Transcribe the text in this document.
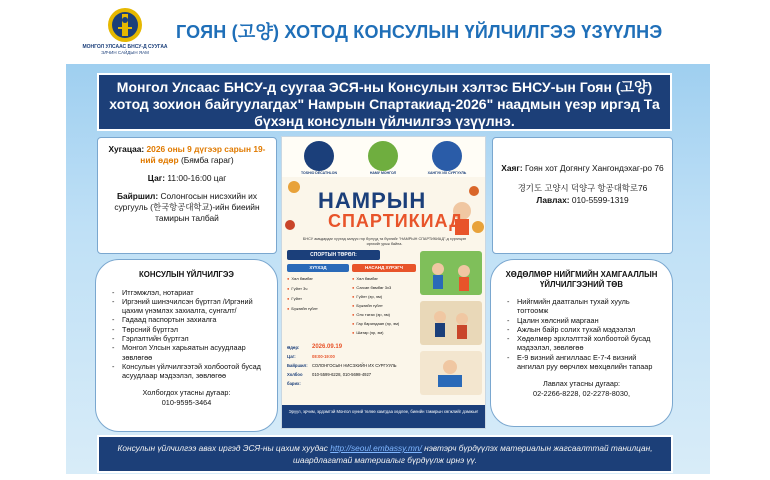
МОНГОЛ УЛСААС БНСУ-Д СУУГАА
ЭЛЧИН САЙДЫН ЯАМ
ГОЯН (고양) ХОТОД КОНСУЛЫН ҮЙЛЧИЛГЭЭ ҮЗҮҮЛНЭ
Монгол Улсаас БНСУ-д суугаа ЭСЯ-ны Консулын хэлтэс БНСУ-ын Гоян (고양) хотод зохион байгуулагдах" Намрын Спартакиад-2026" наадмын үеэр иргэд Та бүхэнд консулын үйлчилгээ үзүүлнэ.

Хугацаа: 2026 оны 9 дүгээр сарын 19-ний өдөр (Бямба гараг)

Цаг: 11:00-16:00 цаг

Байршил: Солонгосын нисэхийн их сургууль (한국항공대학교)-ийн биеийн тамирын талбай

Хаяг: Гоян хот Догянгу Хангондэхаг-ро 76
경기도 고양시 덕양구 항공대학로76
Лавлах: 010-5599-1319
TOSHIO DECATHLON	НАМУ МОНГОЛ	ХАНГУК ИХ СУРГУУЛЬ
НАМРЫН
СПАРТИКИАД
БНСУ амьдардаг хүүхэд залуус гэр бүлүүд та бүхнийг "НАМРЫН СПАРТИКИАД"-д хүрэлцэн ирэхийг урьж байна.
СПОРТЫН ТӨРӨЛ:
ХҮҮХЭД
● Хөл бөмбөг
● Гүйлт 3ч
● Гүйлт
● Бүжгийн гүйлт
НАСАНД ХҮРЭГЧ
● Хөл бөмбөг
● Сагсан бөмбөг 3х3
● Гүйлт (эр, эм)
● Бүжгийн гүйлт
● Олс татах (эр, эм)
● Гар барилдаан (эр, эм)
● Шатар (эр, эм)
Өдөр:	2026.09.19
Цаг:	08:00-19:00
Байршил:	СОЛОНГОСЫН НИСЭХИЙН ИХ СУРГУУЛЬ
Холбоо барих:
010-5599-6228, 010-5698-4927
Эрүүл, эрчим, эрдэмтэй Монгол хүний төлөө хамтдаа хөдлөе, биеийн тамирын хөгжлийг дэмжье!
КОНСУЛЫН ҮЙЛЧИЛГЭЭ
- Итгэмжлэл, нотариат
- Иргэний шинэчилсэн бүртгэл /Иргэний цахим үнэмлэх захиалга, сунгалт/
- Гадаад паспортын захиалга
- Төрсний бүртгэл
- Гэрлэлтийн бүртгэл
- Монгол Улсын харьяатын асуудлаар зөвлөгөө
- Консулын үйлчилгээтэй холбоотой бусад асуудлаар мэдээлэл, зөвлөгөө
Холбогдох утасны дугаар:
010-9595-3464
ХӨДӨЛМӨР НИЙГМИЙН ХАМГААЛЛЫН ҮЙЛЧИЛГЭЭНИЙ ТӨВ
- Нийгмийн даатгалын тухай хууль тогтоомж
- Цалин хөлсний маргаан
- Ажлын байр солих тухай мэдээлэл
- Хөдөлмөр эрхлэлттэй холбоотой бусад мэдээлэл, зөвлөгөө
- Е-9 визний ангиллаас Е-7-4 визний ангилал руу өөрчлөх мөхцөлийн тапаар
Лавлах утасны дугаар:
02-2266-8228, 02-2278-8030,
Консулын үйлчилгээ авах иргэд ЭСЯ-ны цахим хуудас http://seoul.embassy.mn/ нэвтэрч бүрдүүлэх материалын жагсаалттай танилцан, шаардлагатай материалыг бүрдүүлж ирнэ үү.
